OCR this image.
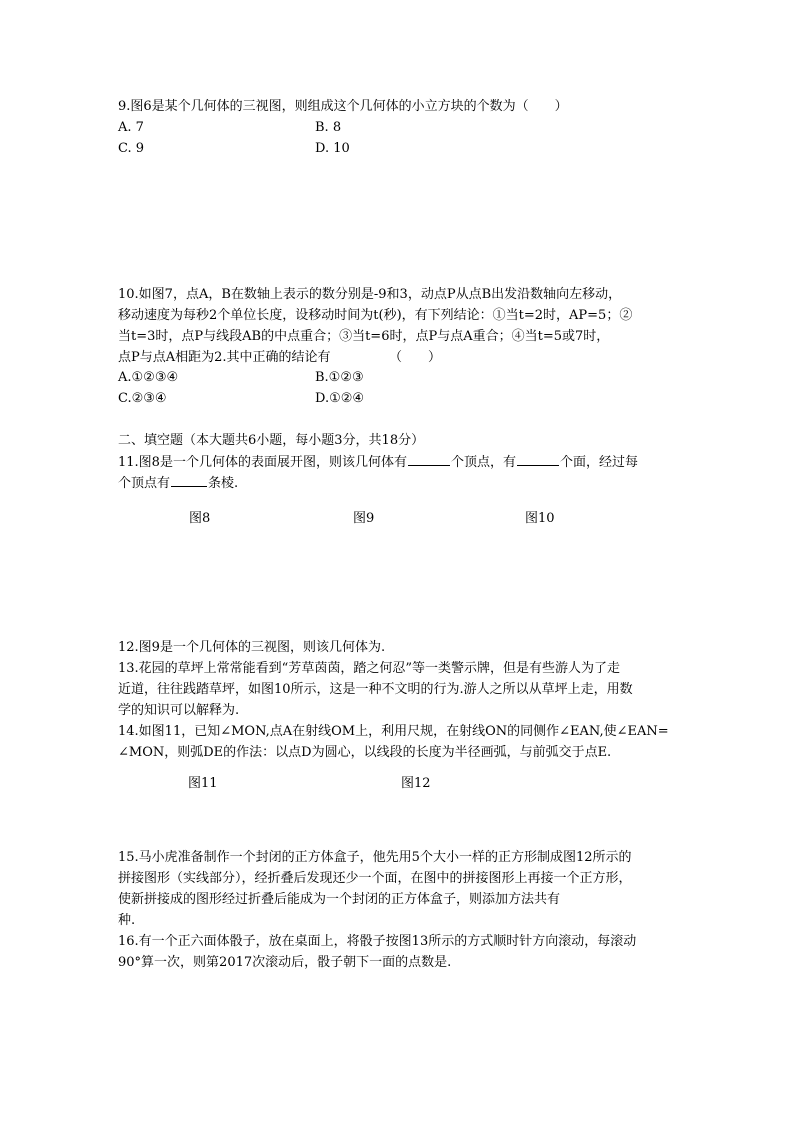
9.图6是某个几何体的三视图，则组成这个几何体的小立方块的个数为（　　）
A. 7	B. 8
C. 9	D. 10
10.如图7，点A，B在数轴上表示的数分别是-9和3，动点P从点B出发沿数轴向左移动，
移动速度为每秒2个单位长度，设移动时间为t(秒)，有下列结论：①当t=2时，AP=5；②
当t=3时，点P与线段AB的中点重合；③当t=6时，点P与点A重合；④当t=5或7时，
点P与点A相距为2.其中正确的结论有　　　　　（　　）
A.①②③④	B.①②③
C.②③④	D.①②④
二、填空题（本大题共6小题，每小题3分，共18分）
11.图8是一个几何体的表面展开图，则该几何体有	个顶点，有	个面，经过每
个顶点有	条棱.
图8	图9	图10
12.图9是一个几何体的三视图，则该几何体为.
13.花园的草坪上常常能看到“芳草茵茵，踏之何忍”等一类警示牌，但是有些游人为了走
近道，往往践踏草坪，如图10所示，这是一种不文明的行为.游人之所以从草坪上走，用数
学的知识可以解释为.
14.如图11，已知∠MON,点A在射线OM上，利用尺规，在射线ON的同侧作∠EAN,使∠EAN=
∠MON，则弧DE的作法：以点D为圆心，以线段的长度为半径画弧，与前弧交于点E.
图11	图12
15.马小虎准备制作一个封闭的正方体盒子，他先用5个大小一样的正方形制成图12所示的
拼接图形（实线部分），经折叠后发现还少一个面，在图中的拼接图形上再接一个正方形，
使新拼接成的图形经过折叠后能成为一个封闭的正方体盒子，则添加方法共有
种.
16.有一个正六面体骰子，放在桌面上，将骰子按图13所示的方式顺时针方向滚动，每滚动
90°算一次，则第2017次滚动后，骰子朝下一面的点数是.
